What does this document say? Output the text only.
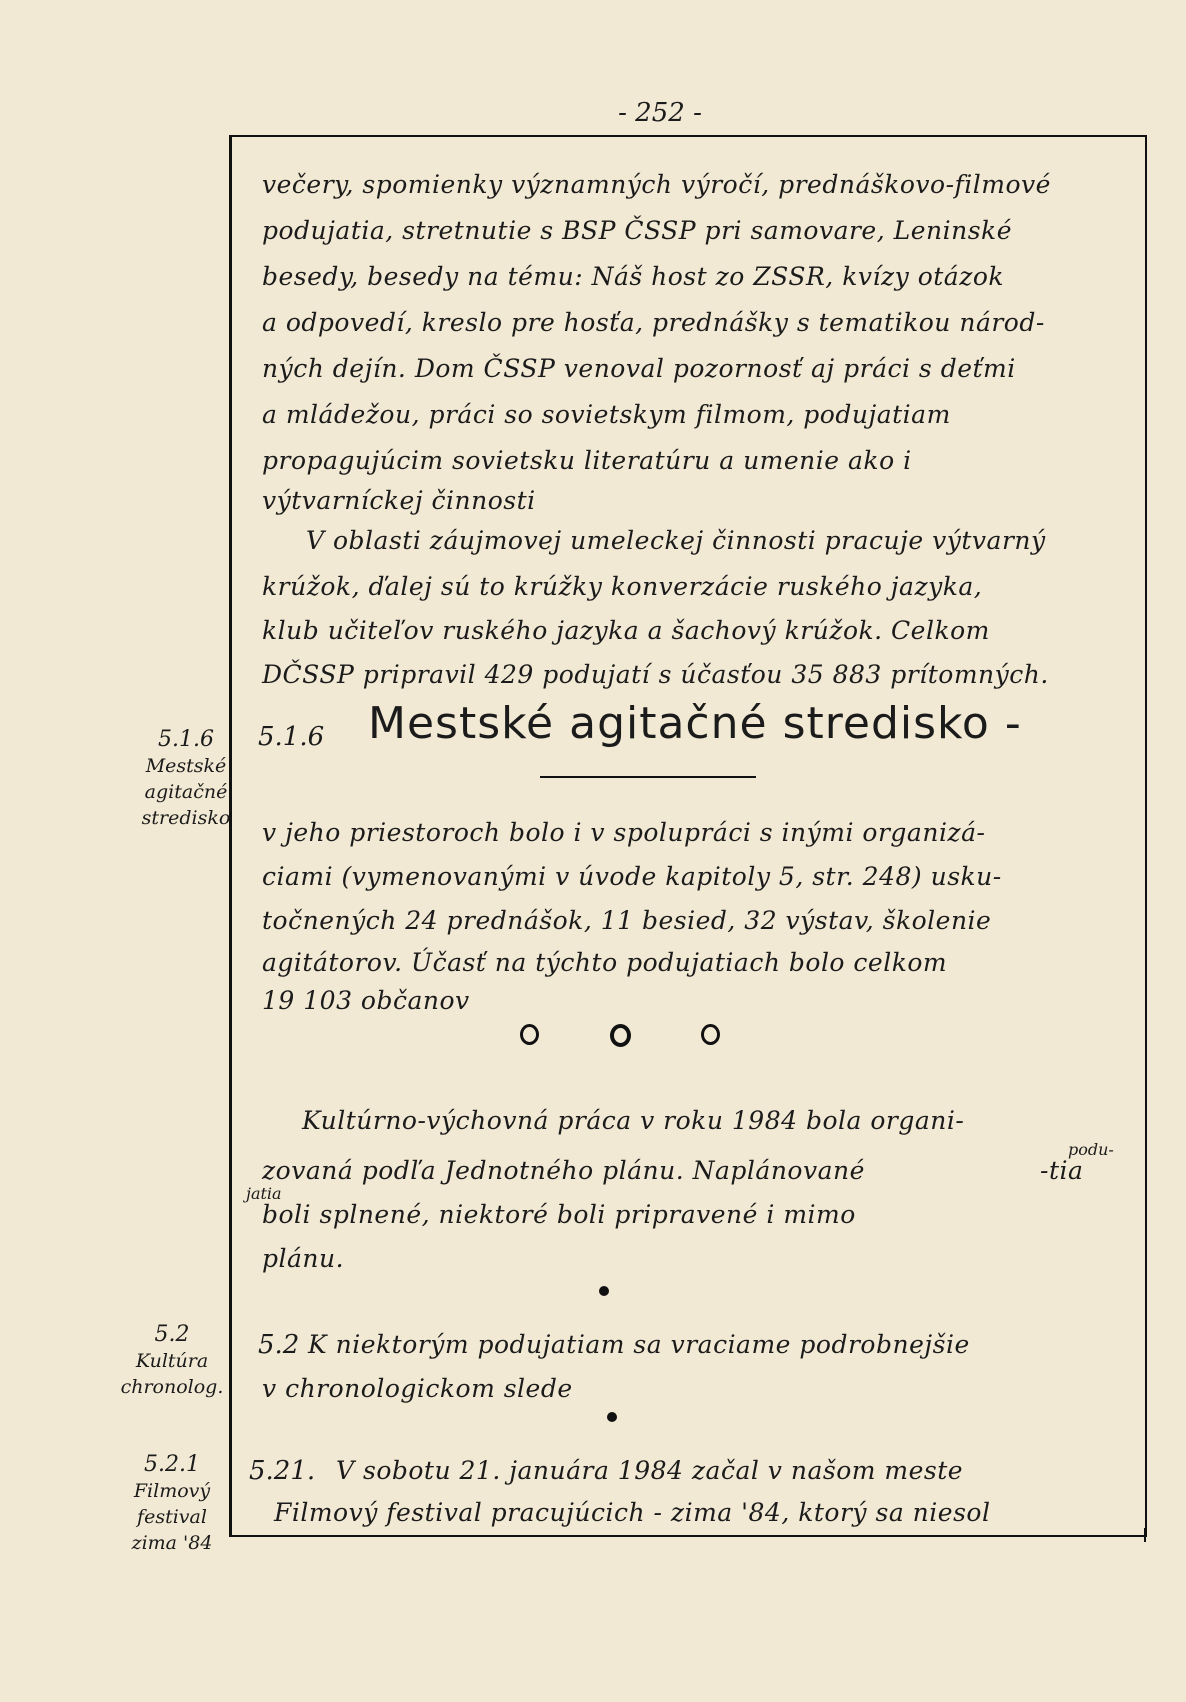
- 252 -
večery, spomienky významných výročí, prednáškovo-filmové
podujatia, stretnutie s BSP ČSSP pri samovare, Leninské
besedy, besedy na tému: Náš host zo ZSSR, kvízy otázok
a odpovedí, kreslo pre hosťa, prednášky s tematikou národ-
ných dejín. Dom ČSSP venoval pozornosť aj práci s deťmi
a mládežou, práci so sovietskym filmom, podujatiam
propagujúcim sovietsku literatúru a umenie ako i
výtvarníckej činnosti
V oblasti záujmovej umeleckej činnosti pracuje výtvarný
krúžok, ďalej sú to krúžky konverzácie ruského jazyka,
klub učiteľov ruského jazyka a šachový krúžok. Celkom
DČSSP pripravil 429 podujatí s účasťou 35 883 prítomných.
5.1.6 Mestské agitačné stredisko -
5.1.6
Mestské
agitačné
stredisko	v jeho priestoroch bolo i v spolupráci s inými organizá-
ciami (vymenovanými v úvode kapitoly 5, str. 248) usku-
točnených 24 prednášok, 11 besied, 32 výstav, školenie
agitátorov. Účasť na týchto podujatiach bolo celkom
19 103 občanov
Kultúrno-výchovná práca v roku 1984 bola organi-
zovaná podľa Jednotného plánu. Naplánované
podu-
-tia
jatia
boli splnené, niektoré boli pripravené i mimo
plánu.
5.2 K niektorým podujatiam sa vraciame podrobnejšie
v chronologickom slede
5.2
Kultúra
chronolog.
5.21. V sobotu 21. januára 1984 začal v našom meste
Filmový festival pracujúcich - zima '84, ktorý sa niesol
5.2.1
Filmový
festival
zima '84
